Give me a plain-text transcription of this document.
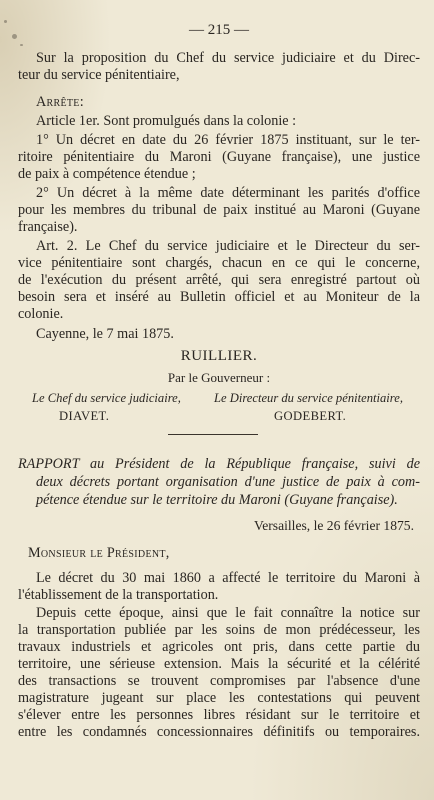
— 215 —
Sur la proposition du Chef du service judiciaire et du Direc-
teur du service pénitentiaire,
Arrête:
Article 1er. Sont promulgués dans la colonie :
1° Un décret en date du 26 février 1875 instituant, sur le ter-
ritoire pénitentiaire du Maroni (Guyane française), une justice
de paix à compétence étendue ;
2° Un décret à la même date déterminant les parités d'office
pour les membres du tribunal de paix institué au Maroni (Guyane
française).
Art. 2. Le Chef du service judiciaire et le Directeur du ser-
vice pénitentiaire sont chargés, chacun en ce qui le concerne,
de l'exécution du présent arrêté, qui sera enregistré partout où
besoin sera et inséré au Bulletin officiel et au Moniteur de la
colonie.
Cayenne, le 7 mai 1875.
RUILLIER.
Par le Gouverneur :
Le Chef du service judiciaire,
DIAVET.
Le Directeur du service pénitentiaire,
GODEBERT.
RAPPORT au Président de la République française, suivi de
deux décrets portant organisation d'une justice de paix à com-
pétence étendue sur le territoire du Maroni (Guyane française).
Versailles, le 26 février 1875.
Monsieur le Président,
Le décret du 30 mai 1860 a affecté le territoire du Maroni à
l'établissement de la transportation.
Depuis cette époque, ainsi que le fait connaître la notice sur
la transportation publiée par les soins de mon prédécesseur, les
travaux industriels et agricoles ont pris, dans cette partie du
territoire, une sérieuse extension. Mais la sécurité et la célérité
des transactions se trouvent compromises par l'absence d'une
magistrature jugeant sur place les contestations qui peuvent
s'élever entre les personnes libres résidant sur le territoire et
entre les condamnés concessionnaires définitifs ou temporaires.
